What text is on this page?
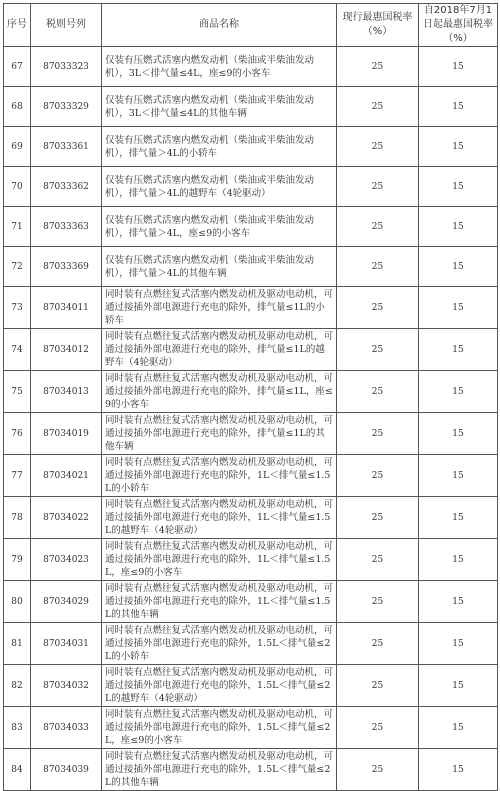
序号	税则号列	商品名称	现行最惠国税率（%）	自2018年7月1日起最惠国税率（%）
67	87033323	仅装有压燃式活塞内燃发动机（柴油或半柴油发动机），3L＜排气量≤4L，座≤9的小客车	25	15
68	87033329	仅装有压燃式活塞内燃发动机（柴油或半柴油发动机），3L＜排气量≤4L的其他车辆	25	15
69	87033361	仅装有压燃式活塞内燃发动机（柴油或半柴油发动机），排气量＞4L的小轿车	25	15
70	87033362	仅装有压燃式活塞内燃发动机（柴油或半柴油发动机），排气量＞4L的越野车（4轮驱动）	25	15
71	87033363	仅装有压燃式活塞内燃发动机（柴油或半柴油发动机），排气量＞4L，座≤9的小客车	25	15
72	87033369	仅装有压燃式活塞内燃发动机（柴油或半柴油发动机），排气量＞4L的其他车辆	25	15
73	87034011	同时装有点燃往复式活塞内燃发动机及驱动电动机，可通过接插外部电源进行充电的除外，排气量≤1L的小轿车	25	15
74	87034012	同时装有点燃往复式活塞内燃发动机及驱动电动机，可通过接插外部电源进行充电的除外，排气量≤1L的越野车（4轮驱动）	25	15
75	87034013	同时装有点燃往复式活塞内燃发动机及驱动电动机，可通过接插外部电源进行充电的除外，排气量≤1L，座≤9的小客车	25	15
76	87034019	同时装有点燃往复式活塞内燃发动机及驱动电动机，可通过接插外部电源进行充电的除外，排气量≤1L的其他车辆	25	15
77	87034021	同时装有点燃往复式活塞内燃发动机及驱动电动机，可通过接插外部电源进行充电的除外，1L＜排气量≤1.5L的小轿车	25	15
78	87034022	同时装有点燃往复式活塞内燃发动机及驱动电动机，可通过接插外部电源进行充电的除外，1L＜排气量≤1.5L的越野车（4轮驱动）	25	15
79	87034023	同时装有点燃往复式活塞内燃发动机及驱动电动机，可通过接插外部电源进行充电的除外，1L＜排气量≤1.5L，座≤9的小客车	25	15
80	87034029	同时装有点燃往复式活塞内燃发动机及驱动电动机，可通过接插外部电源进行充电的除外，1L＜排气量≤1.5L的其他车辆	25	15
81	87034031	同时装有点燃往复式活塞内燃发动机及驱动电动机，可通过接插外部电源进行充电的除外，1.5L＜排气量≤2L的小轿车	25	15
82	87034032	同时装有点燃往复式活塞内燃发动机及驱动电动机，可通过接插外部电源进行充电的除外，1.5L＜排气量≤2L的越野车（4轮驱动）	25	15
83	87034033	同时装有点燃往复式活塞内燃发动机及驱动电动机，可通过接插外部电源进行充电的除外，1.5L＜排气量≤2L，座≤9的小客车	25	15
84	87034039	同时装有点燃往复式活塞内燃发动机及驱动电动机，可通过接插外部电源进行充电的除外，1.5L＜排气量≤2L的其他车辆	25	15
